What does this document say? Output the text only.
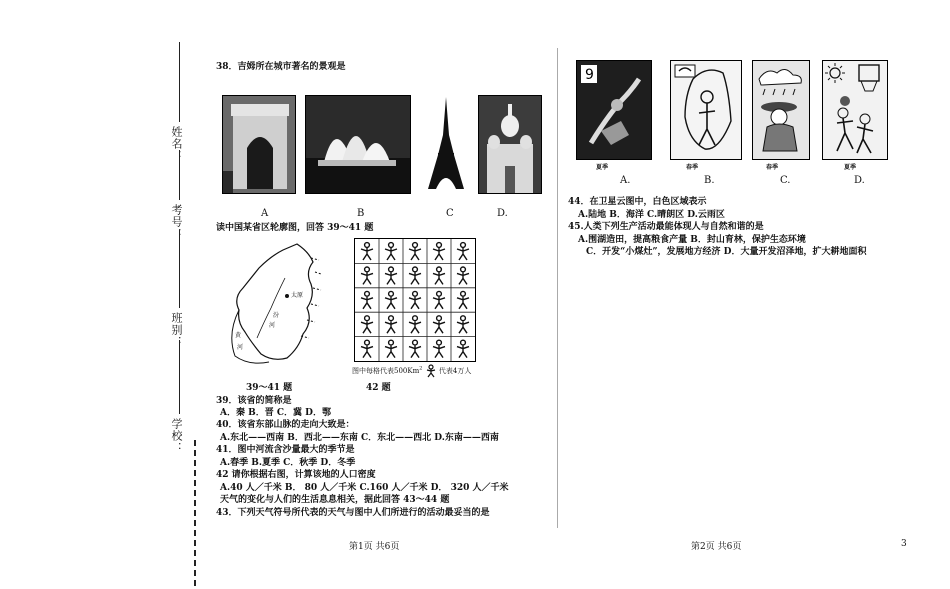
姓名：
考号：
班别：
学校：
38．吉姆所在城市著名的景观是
A	B	C	D.
读中国某省区轮廓图，回答 39～41 题
太原
汾
河
黄
河
图中每格代表500Km$^2$ 代表4万人
39～41 题	42 题
39．该省的简称是
A．秦 B．晋 C．冀 D．鄂
40．该省东部山脉的走向大致是：
A.东北——西南 B．西北——东南 C．东北——西北 D.东南——西南
41．图中河流含沙量最大的季节是
A.春季 B.夏季 C．秋季 D．冬季
42 请你根据右图，计算该地的人口密度
A.40 人／千米 B． 80 人／千米 C.160 人／千米 D． 320 人／千米
天气的变化与人们的生活息息相关，据此回答 43～44 题
43．下列天气符号所代表的天气与图中人们所进行的活动最妥当的是
9
夏季	春季	春季	夏季
A.	B.	C.	D.
44．在卫星云图中，白色区域表示
A.陆地 B．海洋 C.晴朗区 D.云雨区
45.人类下列生产活动最能体现人与自然和谐的是
A.围湖造田，提高粮食产量 B．封山育林，保护生态环境
C．开发“小煤灶”，发展地方经济 D．大量开发沼泽地，扩大耕地面积
第1页 共6页	第2页 共6页	3
